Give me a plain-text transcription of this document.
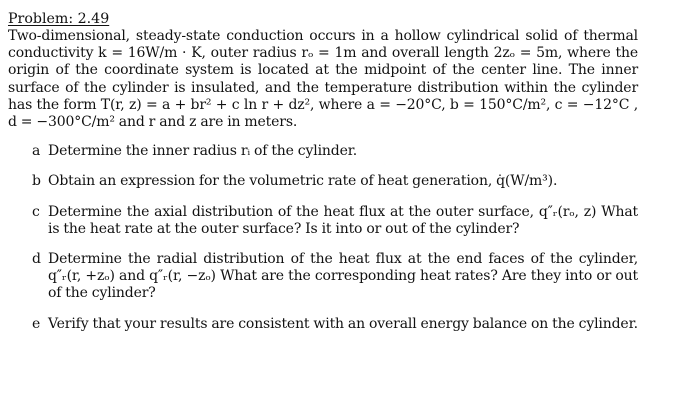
Problem: 2.49

Two-dimensional, steady-state conduction occurs in a hollow cylindrical solid of thermal conductivity k = 16W/m · K, outer radius rₒ = 1m and overall length 2zₒ = 5m, where the origin of the coordinate system is located at the midpoint of the center line. The inner surface of the cylinder is insulated, and the temperature distribution within the cylinder has the form T(r, z) = a + br² + c ln r + dz², where a = −20°C, b = 150°C/m², c = −12°C , d = −300°C/m² and r and z are in meters.

a Determine the inner radius rᵢ of the cylinder.
b Obtain an expression for the volumetric rate of heat generation, q̇(W/m³).
c Determine the axial distribution of the heat flux at the outer surface, q″ᵣ(rₒ, z) What is the heat rate at the outer surface? Is it into or out of the cylinder?
d Determine the radial distribution of the heat flux at the end faces of the cylinder, q″ᵣ(r, +zₒ) and q″ᵣ(r, −zₒ) What are the corresponding heat rates? Are they into or out of the cylinder?
e Verify that your results are consistent with an overall energy balance on the cylinder.
